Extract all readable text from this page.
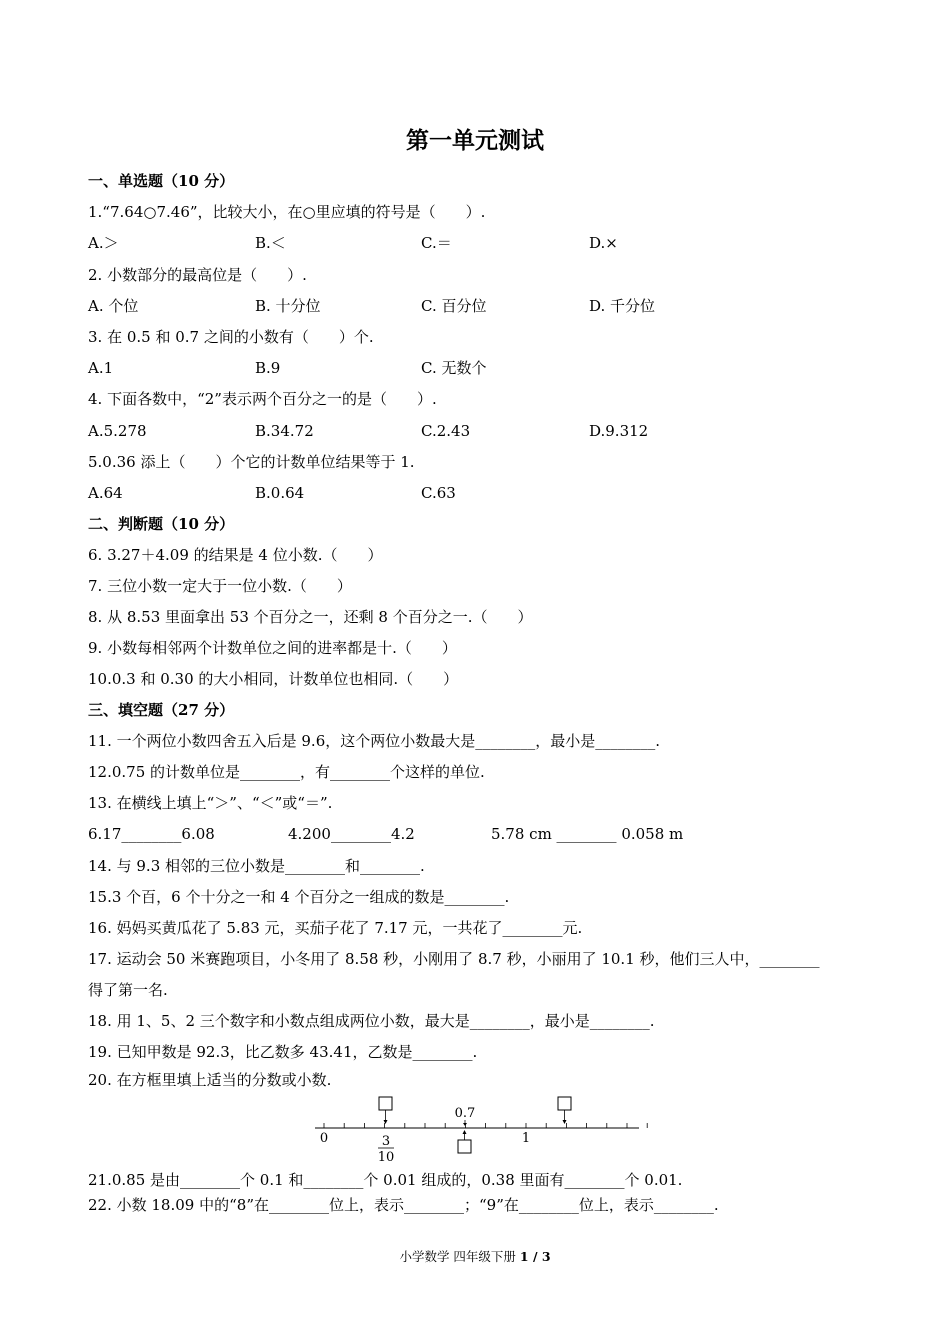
第一单元测试
一、单选题（10 分）
1.“7.64○7.46”，比较大小，在○里应填的符号是（　　）.
A.＞	B.＜	C.＝	D.×
2. 小数部分的最高位是（　　）.
A. 个位	B. 十分位	C. 百分位	D. 千分位
3. 在 0.5 和 0.7 之间的小数有（　　）个.
A.1	B.9	C. 无数个
4. 下面各数中，“2”表示两个百分之一的是（　　）.
A.5.278	B.34.72	C.2.43	D.9.312
5.0.36 添上（　　）个它的计数单位结果等于 1.
A.64	B.0.64	C.63
二、判断题（10 分）
6. 3.27＋4.09 的结果是 4 位小数.（　　）
7. 三位小数一定大于一位小数.（　　）
8. 从 8.53 里面拿出 53 个百分之一，还剩 8 个百分之一.（　　）
9. 小数每相邻两个计数单位之间的进率都是十.（　　）
10.0.3 和 0.30 的大小相同，计数单位也相同.（　　）
三、填空题（27 分）
11. 一个两位小数四舍五入后是 9.6，这个两位小数最大是________，最小是________.
12.0.75 的计数单位是________，有________个这样的单位.
13. 在横线上填上“＞”、“＜”或“＝”.
6.17________6.08	4.200________4.2	5.78 cm ________ 0.058 m
14. 与 9.3 相邻的三位小数是________和________.
15.3 个百，6 个十分之一和 4 个百分之一组成的数是________.
16. 妈妈买黄瓜花了 5.83 元，买茄子花了 7.17 元，一共花了________元.
17. 运动会 50 米赛跑项目，小冬用了 8.58 秒，小刚用了 8.7 秒，小丽用了 10.1 秒，他们三人中，________
得了第一名.
18. 用 1、5、2 三个数字和小数点组成两位小数，最大是________，最小是________.
19. 已知甲数是 92.3，比乙数多 43.41，乙数是________.
20. 在方框里填上适当的分数或小数.
0.7
0	1
3
10
21.0.85 是由________个 0.1 和________个 0.01 组成的，0.38 里面有________个 0.01.
22. 小数 18.09 中的“8”在________位上，表示________；“9”在________位上，表示________.
小学数学 四年级下册 1 / 3
